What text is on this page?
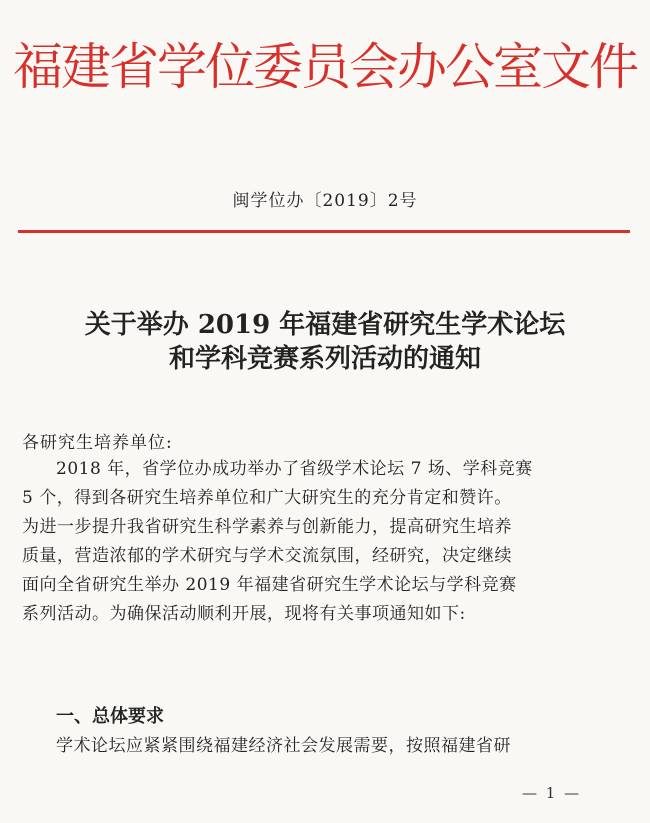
福建省学位委员会办公室文件
闽学位办〔2019〕2号
关于举办 2019 年福建省研究生学术论坛
和学科竞赛系列活动的通知
各研究生培养单位:
2018 年，省学位办成功举办了省级学术论坛 7 场、学科竞赛
5 个，得到各研究生培养单位和广大研究生的充分肯定和赞许。
为进一步提升我省研究生科学素养与创新能力，提高研究生培养
质量，营造浓郁的学术研究与学术交流氛围，经研究，决定继续
面向全省研究生举办 2019 年福建省研究生学术论坛与学科竞赛
系列活动。为确保活动顺利开展，现将有关事项通知如下:
一、总体要求
学术论坛应紧紧围绕福建经济社会发展需要，按照福建省研
— 1 —
